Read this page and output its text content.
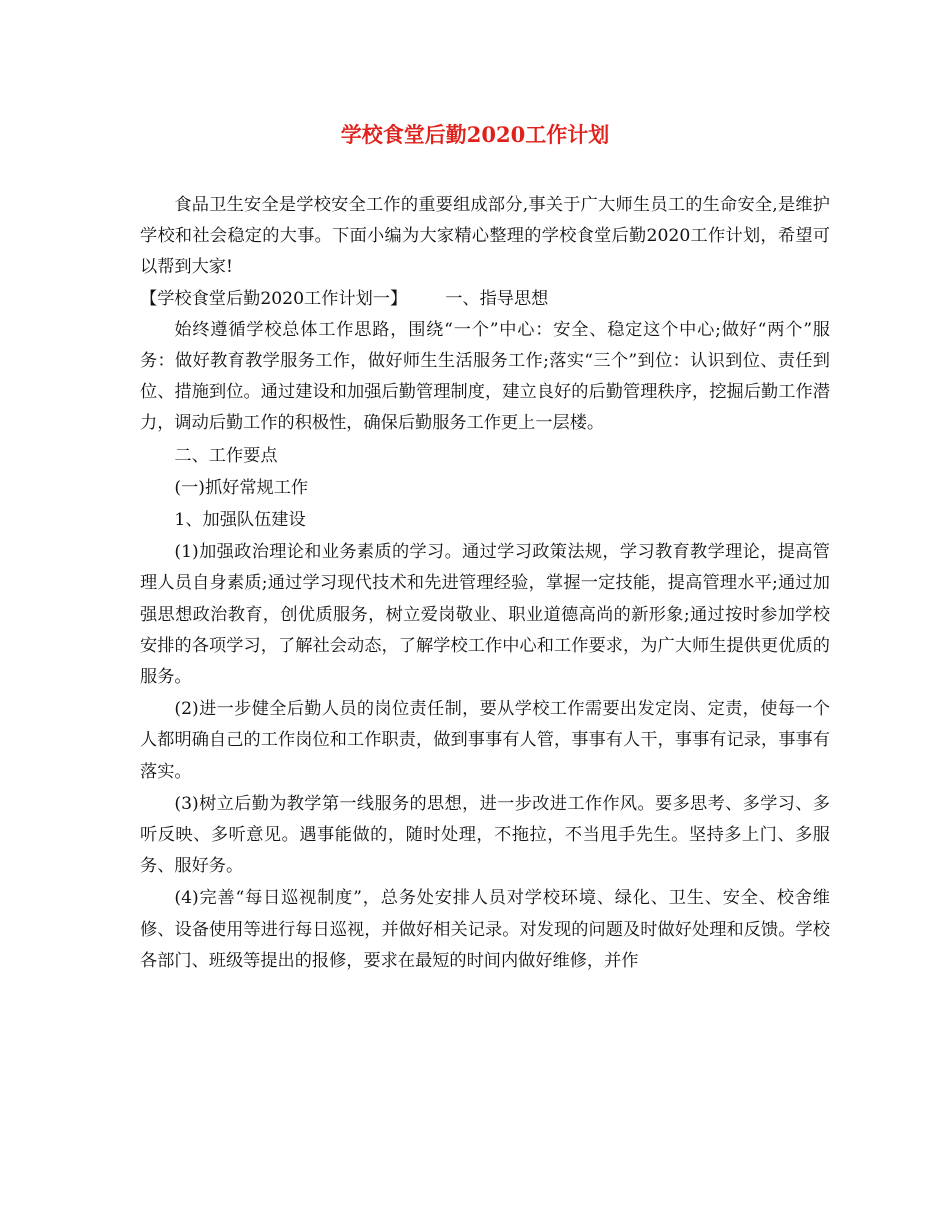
学校食堂后勤2020工作计划

食品卫生安全是学校安全工作的重要组成部分,事关于广大师生员工的生命安全,是维护学校和社会稳定的大事。下面小编为大家精心整理的学校食堂后勤2020工作计划，希望可以帮到大家!

【学校食堂后勤2020工作计划一】 一、指导思想

始终遵循学校总体工作思路，围绕“一个”中心：安全、稳定这个中心;做好“两个”服务：做好教育教学服务工作，做好师生生活服务工作;落实“三个”到位：认识到位、责任到位、措施到位。通过建设和加强后勤管理制度，建立良好的后勤管理秩序，挖掘后勤工作潜力，调动后勤工作的积极性，确保后勤服务工作更上一层楼。

二、工作要点

(一)抓好常规工作

1、加强队伍建设

(1)加强政治理论和业务素质的学习。通过学习政策法规，学习教育教学理论，提高管理人员自身素质;通过学习现代技术和先进管理经验，掌握一定技能，提高管理水平;通过加强思想政治教育，创优质服务，树立爱岗敬业、职业道德高尚的新形象;通过按时参加学校安排的各项学习，了解社会动态，了解学校工作中心和工作要求，为广大师生提供更优质的服务。

(2)进一步健全后勤人员的岗位责任制，要从学校工作需要出发定岗、定责，使每一个人都明确自己的工作岗位和工作职责，做到事事有人管，事事有人干，事事有记录，事事有落实。

(3)树立后勤为教学第一线服务的思想，进一步改进工作作风。要多思考、多学习、多听反映、多听意见。遇事能做的，随时处理，不拖拉，不当甩手先生。坚持多上门、多服务、服好务。

(4)完善“每日巡视制度”，总务处安排人员对学校环境、绿化、卫生、安全、校舍维修、设备使用等进行每日巡视，并做好相关记录。对发现的问题及时做好处理和反馈。学校各部门、班级等提出的报修，要求在最短的时间内做好维修，并作
